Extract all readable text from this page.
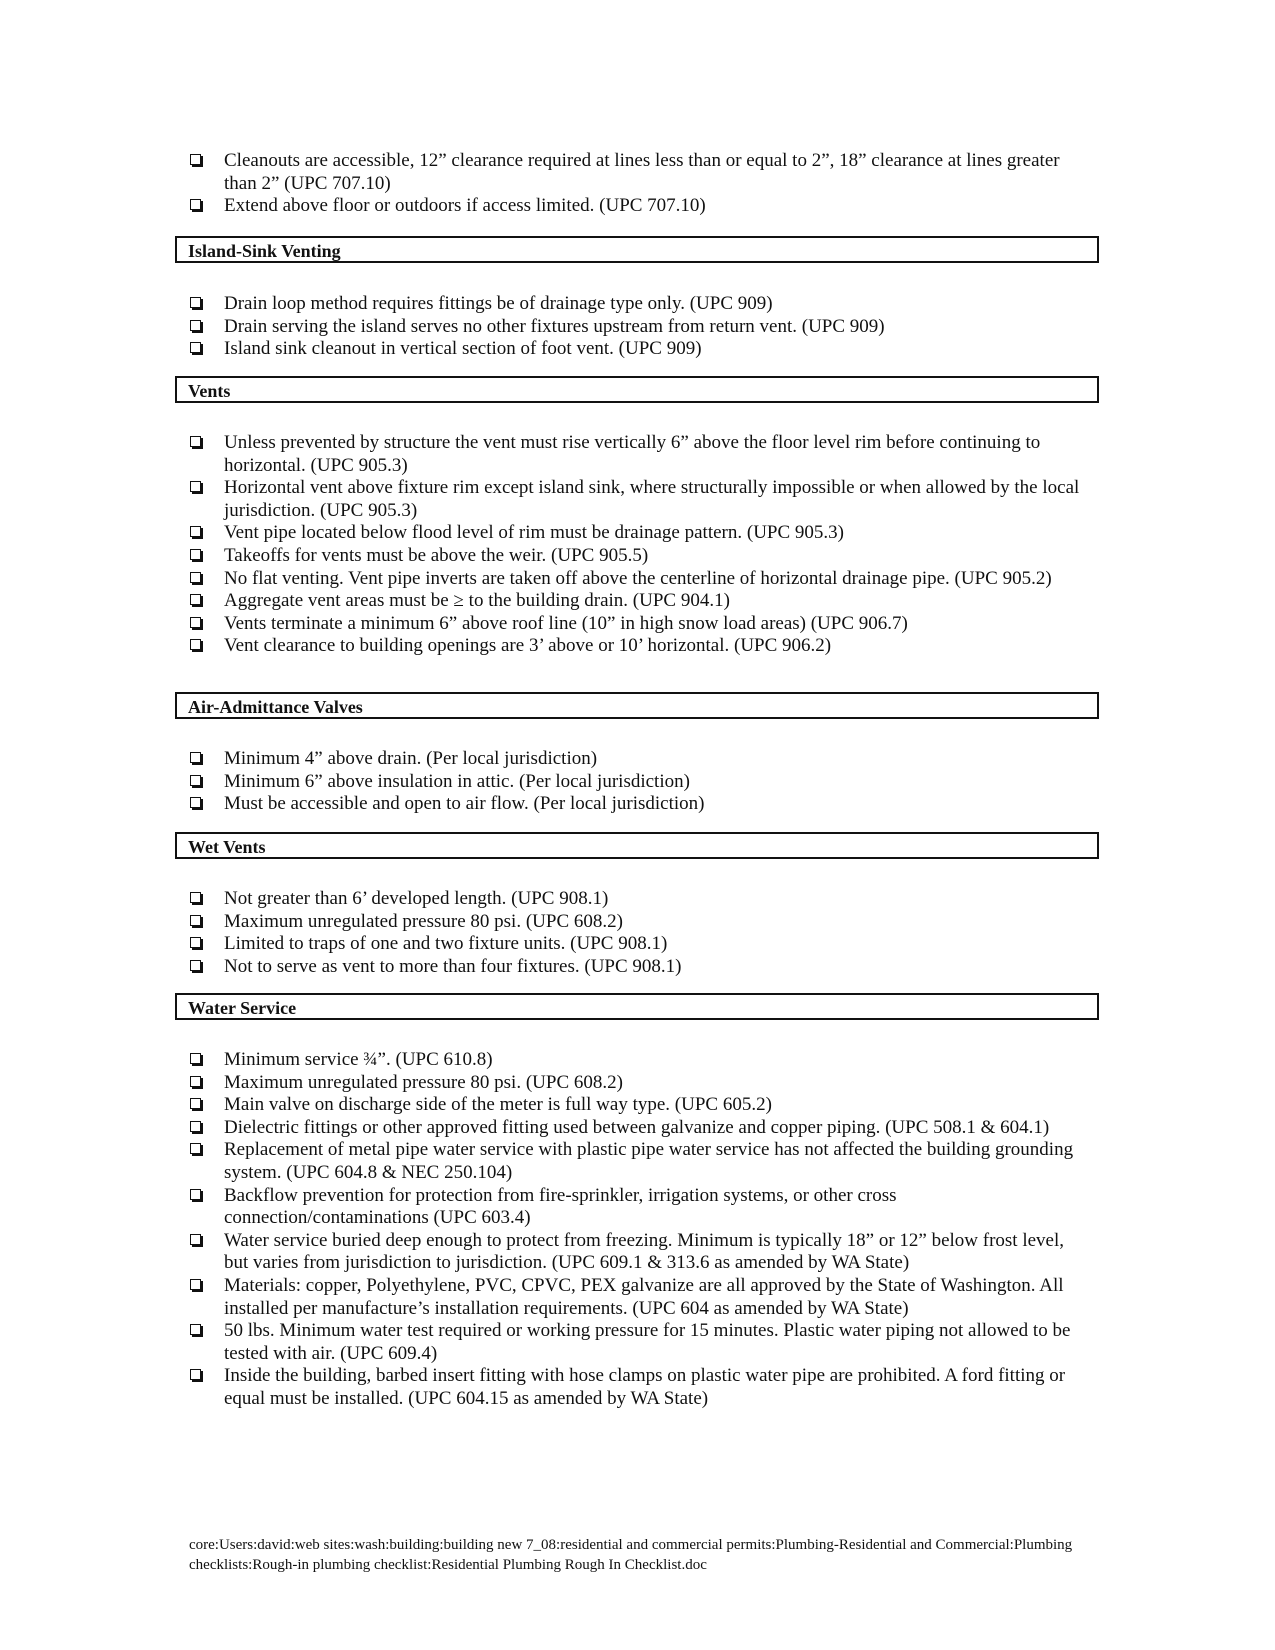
Cleanouts are accessible, 12” clearance required at lines less than or equal to 2”, 18” clearance at lines greater than 2” (UPC 707.10)
Extend above floor or outdoors if access limited. (UPC 707.10)
Island-Sink Venting
Drain loop method requires fittings be of drainage type only. (UPC 909)
Drain serving the island serves no other fixtures upstream from return vent. (UPC 909)
Island sink cleanout in vertical section of foot vent. (UPC 909)
Vents
Unless prevented by structure the vent must rise vertically 6” above the floor level rim before continuing to horizontal. (UPC 905.3)
Horizontal vent above fixture rim except island sink, where structurally impossible or when allowed by the local jurisdiction. (UPC 905.3)
Vent pipe located below flood level of rim must be drainage pattern. (UPC 905.3)
Takeoffs for vents must be above the weir. (UPC 905.5)
No flat venting. Vent pipe inverts are taken off above the centerline of horizontal drainage pipe. (UPC 905.2)
Aggregate vent areas must be ≥ to the building drain. (UPC 904.1)
Vents terminate a minimum 6” above roof line (10” in high snow load areas) (UPC 906.7)
Vent clearance to building openings are 3’ above or 10’ horizontal. (UPC 906.2)
Air-Admittance Valves
Minimum 4” above drain. (Per local jurisdiction)
Minimum 6” above insulation in attic. (Per local jurisdiction)
Must be accessible and open to air flow. (Per local jurisdiction)
Wet Vents
Not greater than 6’ developed length. (UPC 908.1)
Maximum unregulated pressure 80 psi. (UPC 608.2)
Limited to traps of one and two fixture units. (UPC 908.1)
Not to serve as vent to more than four fixtures. (UPC 908.1)
Water Service
Minimum service ¾”. (UPC 610.8)
Maximum unregulated pressure 80 psi. (UPC 608.2)
Main valve on discharge side of the meter is full way type. (UPC 605.2)
Dielectric fittings or other approved fitting used between galvanize and copper piping. (UPC 508.1 & 604.1)
Replacement of metal pipe water service with plastic pipe water service has not affected the building grounding system. (UPC 604.8 & NEC 250.104)
Backflow prevention for protection from fire-sprinkler, irrigation systems, or other cross connection/contaminations (UPC 603.4)
Water service buried deep enough to protect from freezing. Minimum is typically 18” or 12” below frost level, but varies from jurisdiction to jurisdiction. (UPC 609.1 & 313.6 as amended by WA State)
Materials: copper, Polyethylene, PVC, CPVC, PEX galvanize are all approved by the State of Washington. All installed per manufacture’s installation requirements. (UPC 604 as amended by WA State)
50 lbs. Minimum water test required or working pressure for 15 minutes. Plastic water piping not allowed to be tested with air. (UPC 609.4)
Inside the building, barbed insert fitting with hose clamps on plastic water pipe are prohibited. A ford fitting or equal must be installed. (UPC 604.15 as amended by WA State)
core:Users:david:web sites:wash:building:building new 7_08:residential and commercial permits:Plumbing-Residential and Commercial:Plumbing checklists:Rough-in plumbing checklist:Residential Plumbing Rough In Checklist.doc
